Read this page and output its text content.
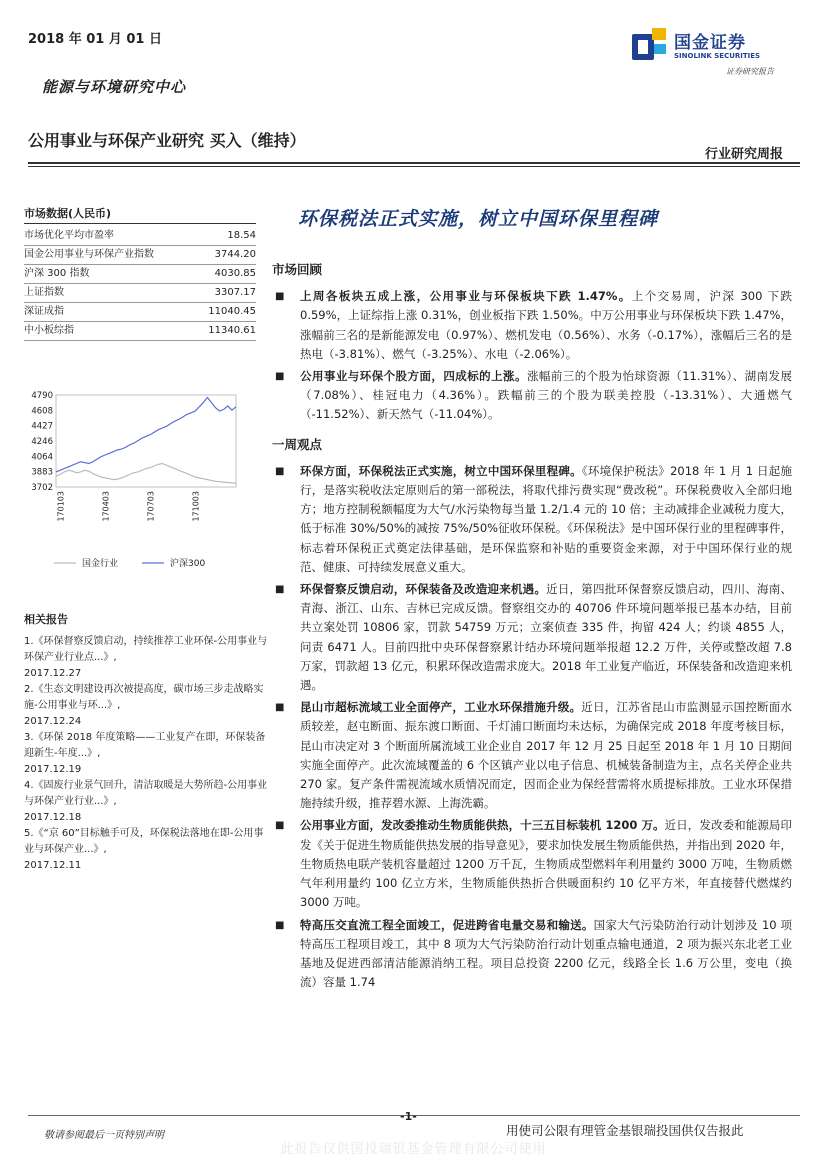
2018 年 01 月 01 日
能源与环境研究中心
公用事业与环保产业研究 买入（维持）
行业研究周报
国金证券
SINOLINK SECURITIES
证券研究报告
市场数据(人民币)
市场优化平均市盈率	18.54
国金公用事业与环保产业指数	3744.20
沪深 300 指数	4030.85
上证指数	3307.17
深证成指	11040.45
中小板综指	11340.61
3702
3883
4064
4246
4427
4608
4790
170103	170403	170703	171003
国金行业	沪深300
相关报告
1.《环保督察反馈启动，持续推荐工业环保-公用事业与环保产业行业点...》,
2017.12.27
2.《生态文明建设再次被提高度，碳市场三步走战略实施-公用事业与环...》,
2017.12.24
3.《环保 2018 年度策略——工业复产在即，环保装备迎新生-年度...》,
2017.12.19
4.《固废行业景气回升，清洁取暖是大势所趋-公用事业与环保产业行业...》,
2017.12.18
5.《“京 60”目标触手可及，环保税法落地在即-公用事业与环保产业...》,
2017.12.11
环保税法正式实施，树立中国环保里程碑
市场回顾
■ 上周各板块五成上涨，公用事业与环保板块下跌 1.47%。上个交易周，沪深 300 下跌 0.59%，上证综指上涨 0.31%，创业板指下跌 1.50%。中万公用事业与环保板块下跌 1.47%，涨幅前三名的是新能源发电（0.97%）、燃机发电（0.56%）、水务（-0.17%），涨幅后三名的是热电（-3.81%）、燃气（-3.25%）、水电（-2.06%）。
■ 公用事业与环保个股方面，四成标的上涨。涨幅前三的个股为怡球资源（11.31%）、湖南发展（7.08%）、桂冠电力（4.36%）。跌幅前三的个股为联美控股（-13.31%）、大通燃气（-11.52%）、新天然气（-11.04%）。
一周观点
■ 环保方面，环保税法正式实施，树立中国环保里程碑。《环境保护税法》2018 年 1 月 1 日起施行，是落实税收法定原则后的第一部税法，将取代排污费实现“费改税”。环保税费收入全部归地方；地方控制税额幅度为大气/水污染物每当量 1.2/1.4 元的 10 倍；主动减排企业减税力度大，低于标准 30%/50%的减按 75%/50%征收环保税。《环保税法》是中国环保行业的里程碑事件，标志着环保税正式奠定法律基础，是环保监察和补贴的重要资金来源，对于中国环保行业的规范、健康、可持续发展意义重大。
■ 环保督察反馈启动，环保装备及改造迎来机遇。近日，第四批环保督察反馈启动，四川、海南、青海、浙江、山东、吉林已完成反馈。督察组交办的 40706 件环境问题举报已基本办结，目前共立案处罚 10806 家，罚款 54759 万元；立案侦查 335 件，拘留 424 人；约谈 4855 人，问责 6471 人。目前四批中央环保督察累计结办环境问题举报超 12.2 万件，关停或整改超 7.8 万家，罚款超 13 亿元，积累环保改造需求庞大。2018 年工业复产临近，环保装备和改造迎来机遇。
■ 昆山市超标流域工业全面停产，工业水环保措施升级。近日，江苏省昆山市监测显示国控断面水质较差，赵屯断面、振东渡口断面、千灯浦口断面均未达标，为确保完成 2018 年度考核目标，昆山市决定对 3 个断面所属流域工业企业自 2017 年 12 月 25 日起至 2018 年 1 月 10 日期间实施全面停产。此次流域覆盖的 6 个区镇产业以电子信息、机械装备制造为主，点名关停企业共 270 家。复产条件需视流域水质情况而定，因而企业为保经营需将水质提标排放。工业水环保措施持续升级，推荐碧水源、上海洗霸。
■ 公用事业方面，发改委推动生物质能供热，十三五目标装机 1200 万。近日，发改委和能源局印发《关于促进生物质能供热发展的指导意见》，要求加快发展生物质能供热，并指出到 2020 年，生物质热电联产装机容量超过 1200 万千瓦，生物质成型燃料年利用量约 3000 万吨，生物质燃气年利用量约 100 亿立方米，生物质能供热折合供暖面积约 10 亿平方米，年直接替代燃煤约 3000 万吨。
■ 特高压交直流工程全面竣工，促进跨省电量交易和输送。国家大气污染防治行动计划涉及 10 项特高压工程项目竣工，其中 8 项为大气污染防治行动计划重点输电通道，2 项为振兴东北老工业基地及促进西部清洁能源消纳工程。项目总投资 2200 亿元，线路全长 1.6 万公里，变电（换流）容量 1.74
-1-
敬请参阅最后一页特别声明	用使司公限有理管金基银瑞投国供仅告报此
此报告仅供国投瑞银基金管理有限公司使用
